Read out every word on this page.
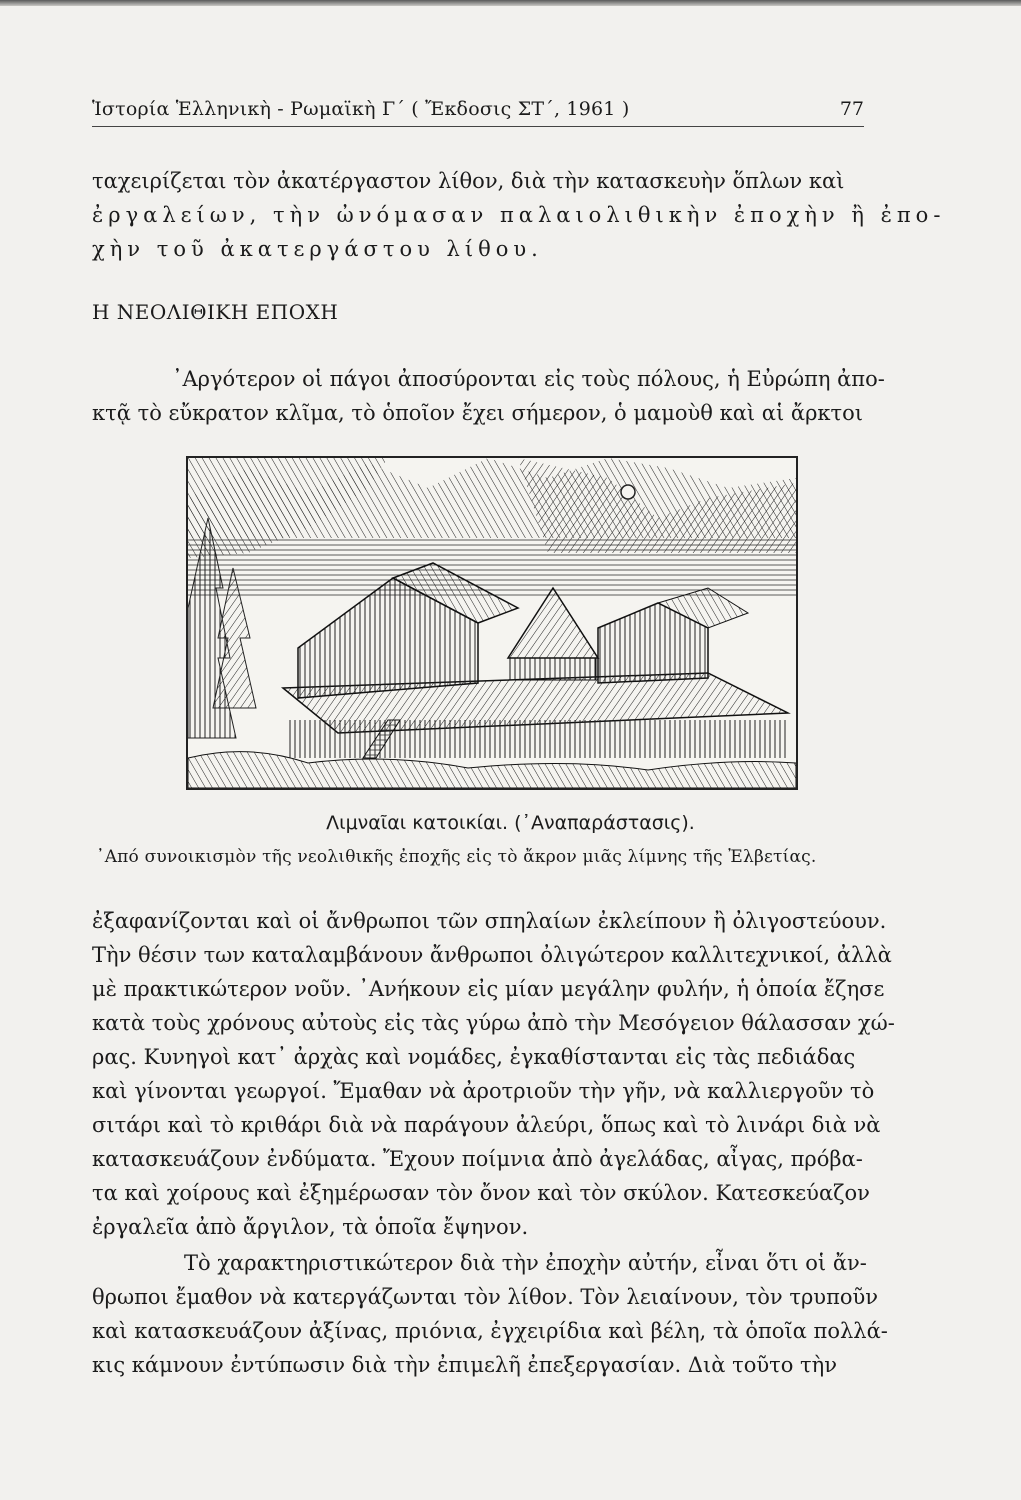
Ἱστορία Ἑλληνικὴ - Ρωμαϊκὴ Γ´ ( Ἔκδοσις ΣΤ´, 1961 )	77

ταχειρίζεται τὸν ἀκατέργαστον λίθον, διὰ τὴν κατασκευὴν ὅπλων καὶ

ἐργαλείων, τὴν ὠνόμασαν παλαιολιθικὴν ἐποχὴν ἢ ἐπο-

χὴν τοῦ ἀκατεργάστου λίθου.

Η ΝΕΟΛΙΘΙΚΗ ΕΠΟΧΗ

᾿Αργότερον οἱ πάγοι ἀποσύρονται εἰς τοὺς πόλους, ἡ Εὐρώπη ἀπο-

κτᾷ τὸ εὔκρατον κλῖμα, τὸ ὁποῖον ἔχει σήμερον, ὁ μαμοὺθ καὶ αἱ ἄρκτοι

Λιμναῖαι κατοικίαι. (᾿Αναπαράστασις).
᾿Από συνοικισμὸν τῆς νεολιθικῆς ἐποχῆς εἰς τὸ ἄκρον μιᾶς λίμνης τῆς Ἐλβετίας.

ἐξαφανίζονται καὶ οἱ ἄνθρωποι τῶν σπηλαίων ἐκλείπουν ἢ ὀλιγοστεύουν.

Τὴν θέσιν των καταλαμβάνουν ἄνθρωποι ὀλιγώτερον καλλιτεχνικοί, ἀλλὰ

μὲ πρακτικώτερον νοῦν. ᾿Ανήκουν εἰς μίαν μεγάλην φυλήν, ἡ ὁποία ἔζησε

κατὰ τοὺς χρόνους αὐτοὺς εἰς τὰς γύρω ἀπὸ τὴν Μεσόγειον θάλασσαν χώ-

ρας. Κυνηγοὶ κατ᾿ ἀρχὰς καὶ νομάδες, ἐγκαθίστανται εἰς τὰς πεδιάδας

καὶ γίνονται γεωργοί. Ἔμαθαν νὰ ἀροτριοῦν τὴν γῆν, νὰ καλλιεργοῦν τὸ

σιτάρι καὶ τὸ κριθάρι διὰ νὰ παράγουν ἀλεύρι, ὅπως καὶ τὸ λινάρι διὰ νὰ

κατασκευάζουν ἐνδύματα. Ἔχουν ποίμνια ἀπὸ ἀγελάδας, αἶγας, πρόβα-

τα καὶ χοίρους καὶ ἐξημέρωσαν τὸν ὄνον καὶ τὸν σκύλον. Κατεσκεύαζον

ἐργαλεῖα ἀπὸ ἄργιλον, τὰ ὁποῖα ἔψηνον.

Τὸ χαρακτηριστικώτερον διὰ τὴν ἐποχὴν αὐτήν, εἶναι ὅτι οἱ ἄν-

θρωποι ἔμαθον νὰ κατεργάζωνται τὸν λίθον. Τὸν λειαίνουν, τὸν τρυποῦν

καὶ κατασκευάζουν ἀξίνας, πριόνια, ἐγχειρίδια καὶ βέλη, τὰ ὁποῖα πολλά-

κις κάμνουν ἐντύπωσιν διὰ τὴν ἐπιμελῆ ἐπεξεργασίαν. Διὰ τοῦτο τὴν
